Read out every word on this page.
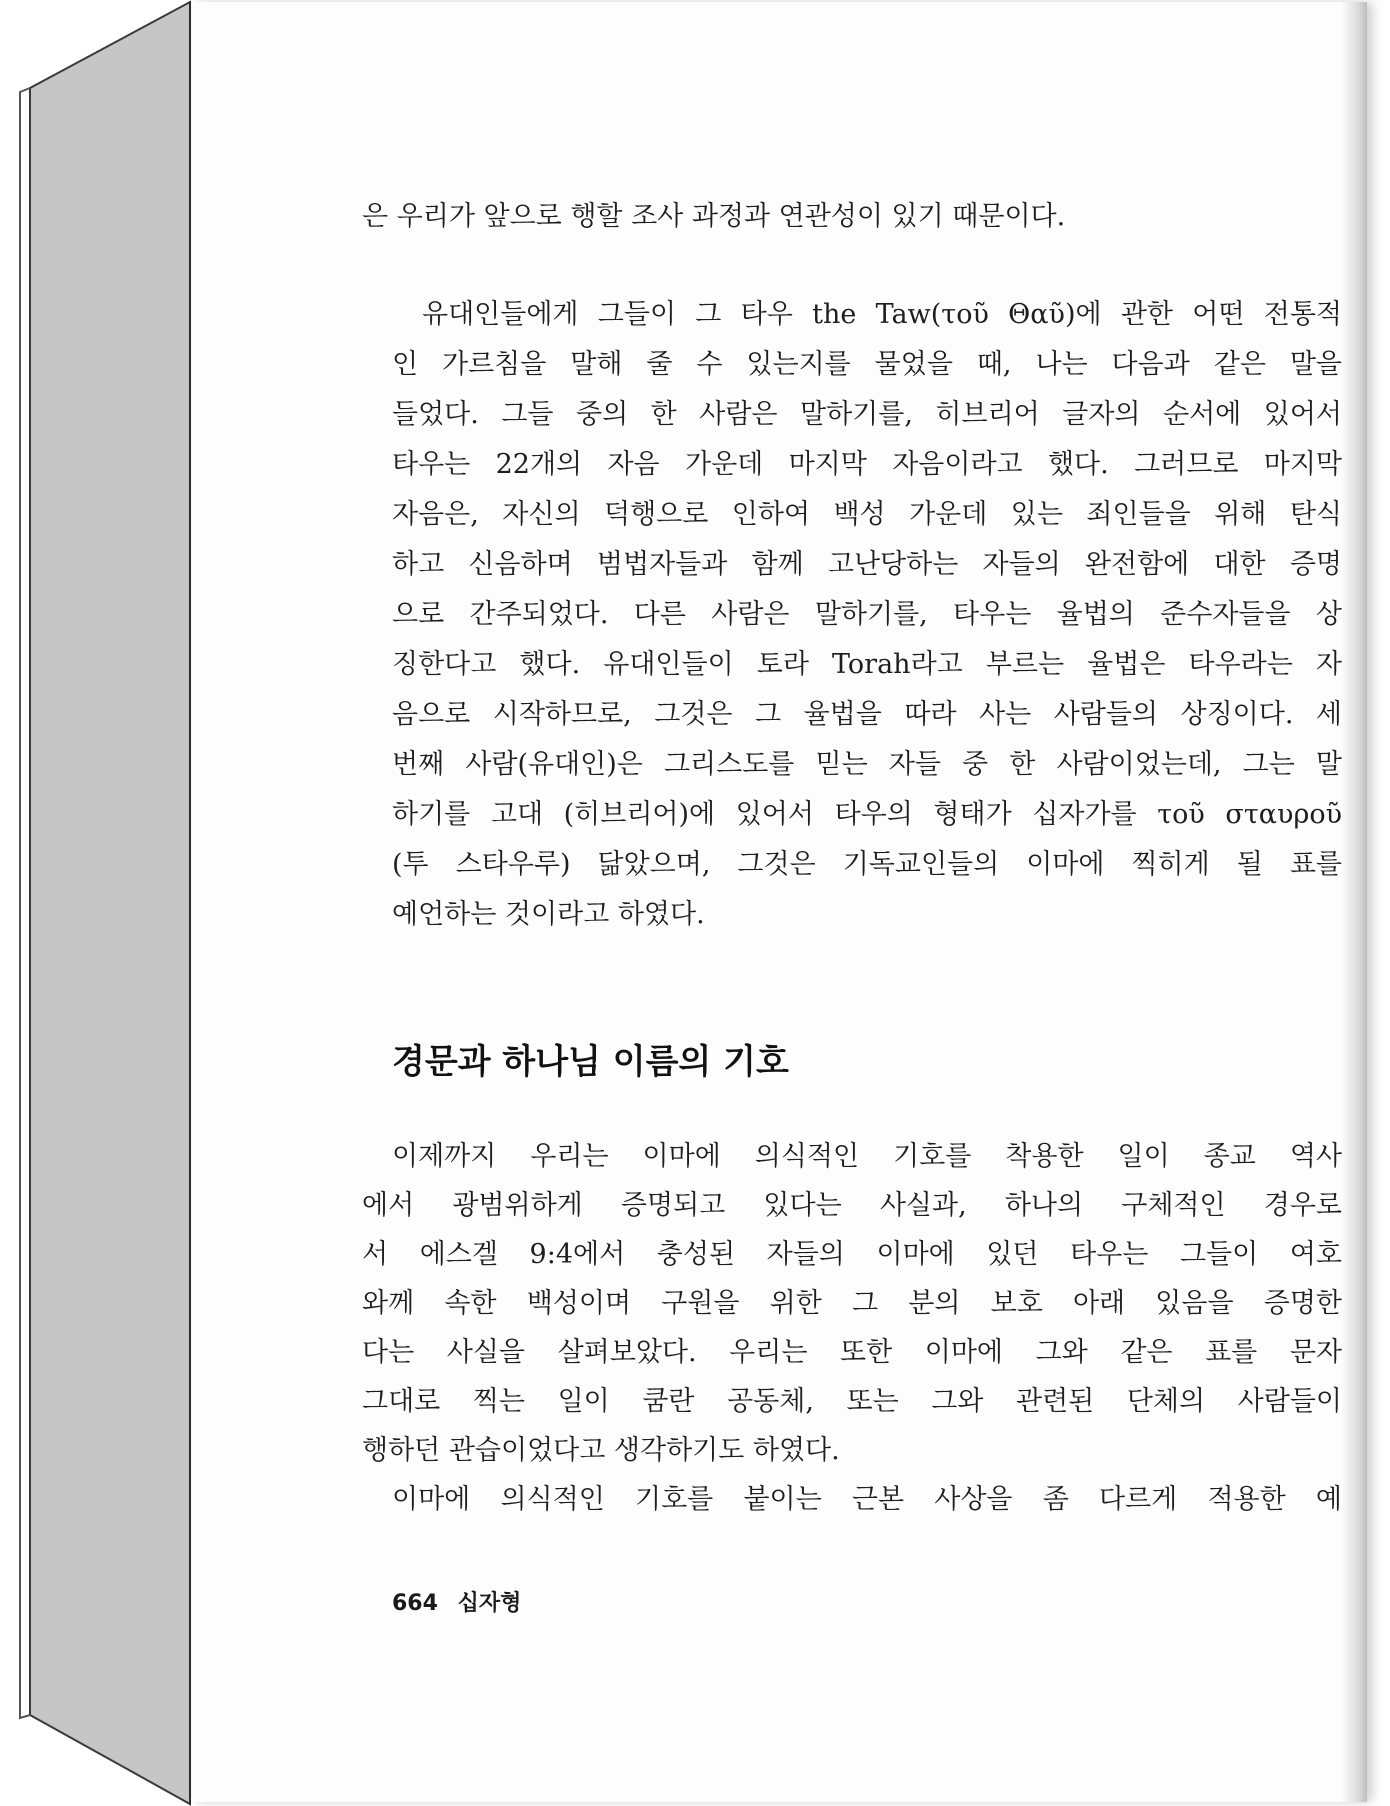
은 우리가 앞으로 행할 조사 과정과 연관성이 있기 때문이다.
유대인들에게 그들이 그 타우 the Taw(τοῦ Θαῦ)에 관한 어떤 전통적
인 가르침을 말해 줄 수 있는지를 물었을 때, 나는 다음과 같은 말을
들었다. 그들 중의 한 사람은 말하기를, 히브리어 글자의 순서에 있어서
타우는 22개의 자음 가운데 마지막 자음이라고 했다. 그러므로 마지막
자음은, 자신의 덕행으로 인하여 백성 가운데 있는 죄인들을 위해 탄식
하고 신음하며 범법자들과 함께 고난당하는 자들의 완전함에 대한 증명
으로 간주되었다. 다른 사람은 말하기를, 타우는 율법의 준수자들을 상
징한다고 했다. 유대인들이 토라 Torah라고 부르는 율법은 타우라는 자
음으로 시작하므로, 그것은 그 율법을 따라 사는 사람들의 상징이다. 세
번째 사람(유대인)은 그리스도를 믿는 자들 중 한 사람이었는데, 그는 말
하기를 고대 (히브리어)에 있어서 타우의 형태가 십자가를 τοῦ σταυροῦ
(투 스타우루) 닮았으며, 그것은 기독교인들의 이마에 찍히게 될 표를
예언하는 것이라고 하였다.
경문과 하나님 이름의 기호
이제까지 우리는 이마에 의식적인 기호를 착용한 일이 종교 역사
에서 광범위하게 증명되고 있다는 사실과, 하나의 구체적인 경우로
서 에스겔 9:4에서 충성된 자들의 이마에 있던 타우는 그들이 여호
와께 속한 백성이며 구원을 위한 그 분의 보호 아래 있음을 증명한
다는 사실을 살펴보았다. 우리는 또한 이마에 그와 같은 표를 문자
그대로 찍는 일이 쿰란 공동체, 또는 그와 관련된 단체의 사람들이
행하던 관습이었다고 생각하기도 하였다.
이마에 의식적인 기호를 붙이는 근본 사상을 좀 다르게 적용한 예
664 십자형
